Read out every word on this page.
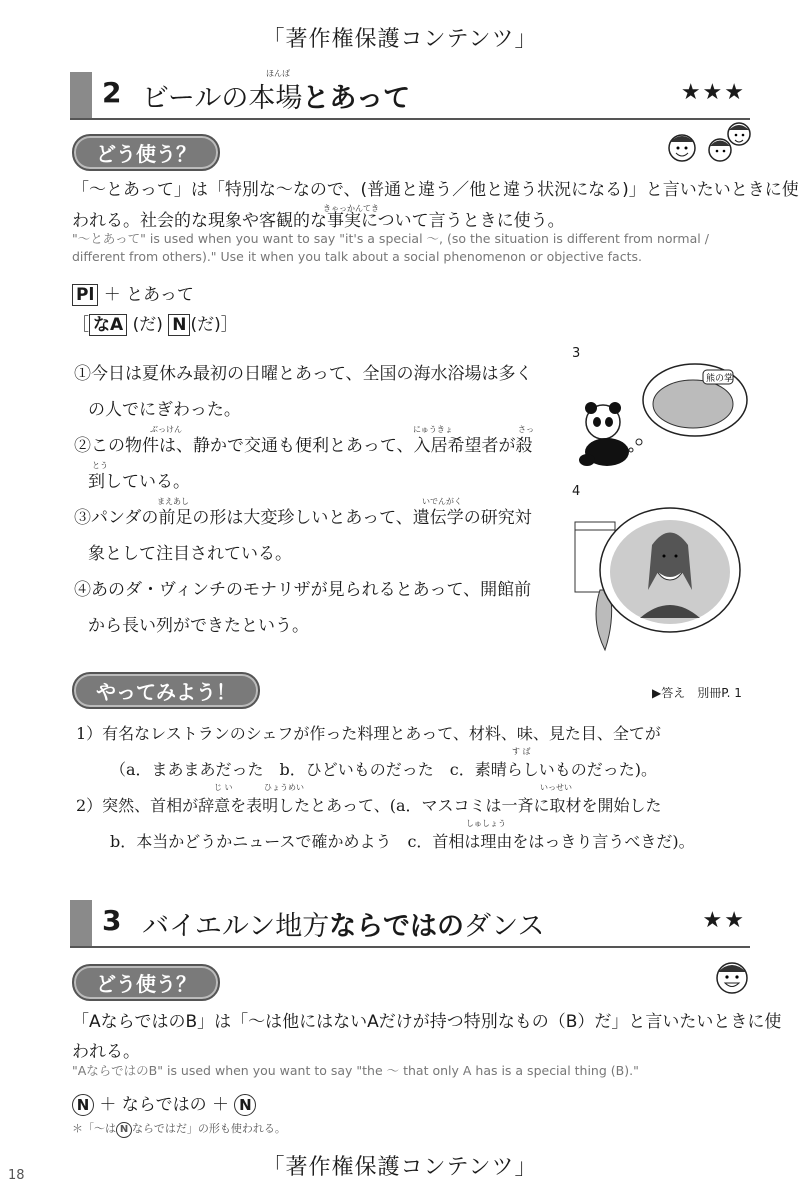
「著作権保護コンテンツ」
2 ビールの本場とあって
ほんば
★★★
どう使う？
「〜とあって」は「特別な〜なので、(普通と違う／他と違う状況になる)」と言いたいときに使
きゃっかんてき
われる。社会的な現象や客観的な事実について言うときに使う。
"〜とあって" is used when you want to say "it's a special 〜, (so the situation is different from normal /
different from others)." Use it when you talk about a social phenomenon or objective facts.
Pl ＋ とあって
［ なA (だ) N (だ)］
①今日は夏休み最初の日曜とあって、全国の海水浴場は多く
の人でにぎわった。
②この物件は、静かで交通も便利とあって、入居希望者が殺
到している。
③パンダの前足の形は大変珍しいとあって、遺伝学の研究対
象として注目されている。
④あのダ・ヴィンチのモナリザが見られるとあって、開館前
から長い列ができたという。
ぶっけん	にゅうきょ	さっ
とう
まえあし	いでんがく
3
熊の掌
4
やってみよう！	▶答え　別冊P. 1
1）有名なレストランのシェフが作った料理とあって、材料、味、見た目、全てが
（a．まあまあだった　b．ひどいものだった　c．素晴らしいものだった)。
2）突然、首相が辞意を表明したとあって、(a．マスコミは一斉に取材を開始した
b．本当かどうかニュースで確かめよう　c．首相は理由をはっきり言うべきだ)。
す ば
じ い	ひょうめい	いっせい
しゅしょう
3 バイエルン地方ならではのダンス	★★
どう使う？
「AならではのB」は「〜は他にはないAだけが持つ特別なもの（B）だ」と言いたいときに使
われる。
"AならではのB" is used when you want to say "the 〜 that only A has is a special thing (B)."
N ＋ ならではの ＋ N
＊「〜は N ならではだ」の形も使われる。
18	「著作権保護コンテンツ」
